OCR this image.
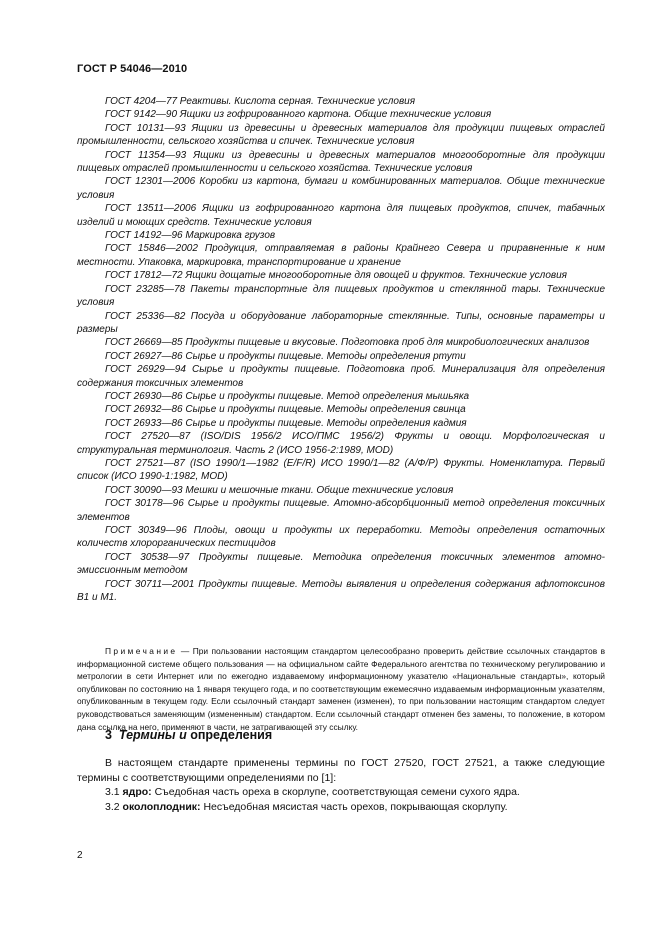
ГОСТ Р 54046—2010

ГОСТ 4204—77 Реактивы. Кислота серная. Технические условия

ГОСТ 9142—90 Ящики из гофрированного картона. Общие технические условия

ГОСТ 10131—93 Ящики из древесины и древесных материалов для продукции пищевых отраслей промышленности, сельского хозяйства и спичек. Технические условия

ГОСТ 11354—93 Ящики из древесины и древесных материалов многооборотные для продукции пищевых отраслей промышленности и сельского хозяйства. Технические условия

ГОСТ 12301—2006 Коробки из картона, бумаги и комбинированных материалов. Общие технические условия

ГОСТ 13511—2006 Ящики из гофрированного картона для пищевых продуктов, спичек, табачных изделий и моющих средств. Технические условия

ГОСТ 14192—96 Маркировка грузов

ГОСТ 15846—2002 Продукция, отправляемая в районы Крайнего Севера и приравненные к ним местности. Упаковка, маркировка, транспортирование и хранение

ГОСТ 17812—72 Ящики дощатые многооборотные для овощей и фруктов. Технические условия

ГОСТ 23285—78 Пакеты транспортные для пищевых продуктов и стеклянной тары. Технические условия

ГОСТ 25336—82 Посуда и оборудование лабораторные стеклянные. Типы, основные параметры и размеры

ГОСТ 26669—85 Продукты пищевые и вкусовые. Подготовка проб для микробиологических анализов

ГОСТ 26927—86 Сырье и продукты пищевые. Методы определения ртути

ГОСТ 26929—94 Сырье и продукты пищевые. Подготовка проб. Минерализация для определения содержания токсичных элементов

ГОСТ 26930—86 Сырье и продукты пищевые. Метод определения мышьяка

ГОСТ 26932—86 Сырье и продукты пищевые. Методы определения свинца

ГОСТ 26933—86 Сырье и продукты пищевые. Методы определения кадмия

ГОСТ 27520—87 (ISO/DIS 1956/2 ИСО/ПМС 1956/2) Фрукты и овощи. Морфологическая и структуральная терминология. Часть 2 (ИСО 1956-2:1989, MOD)

ГОСТ 27521—87 (ISO 1990/1—1982 (E/F/R) ИСО 1990/1—82 (А/Ф/Р) Фрукты. Номенклатура. Первый список (ИСО 1990-1:1982, MOD)

ГОСТ 30090—93 Мешки и мешочные ткани. Общие технические условия

ГОСТ 30178—96 Сырье и продукты пищевые. Атомно-абсорбционный метод определения токсичных элементов

ГОСТ 30349—96 Плоды, овощи и продукты их переработки. Методы определения остаточных количеств хлорорганических пестицидов

ГОСТ 30538—97 Продукты пищевые. Методика определения токсичных элементов атомно-эмиссионным методом

ГОСТ 30711—2001 Продукты пищевые. Методы выявления и определения содержания афлотоксинов В1 и М1.

Примечание — При пользовании настоящим стандартом целесообразно проверить действие ссылочных стандартов в информационной системе общего пользования — на официальном сайте Федерального агентства по техническому регулированию и метрологии в сети Интернет или по ежегодно издаваемому информационному указателю «Национальные стандарты», который опубликован по состоянию на 1 января текущего года, и по соответствующим ежемесячно издаваемым информационным указателям, опубликованным в текущем году. Если ссылочный стандарт заменен (изменен), то при пользовании настоящим стандартом следует руководствоваться заменяющим (измененным) стандартом. Если ссылочный стандарт отменен без замены, то положение, в котором дана ссылка на него, применяют в части, не затрагивающей эту ссылку.

3 Термины и определения

В настоящем стандарте применены термины по ГОСТ 27520, ГОСТ 27521, а также следующие термины с соответствующими определениями по [1]:

3.1 ядро: Съедобная часть ореха в скорлупе, соответствующая семени сухого ядра.

3.2 околоплодник: Несъедобная мясистая часть орехов, покрывающая скорлупу.

2
